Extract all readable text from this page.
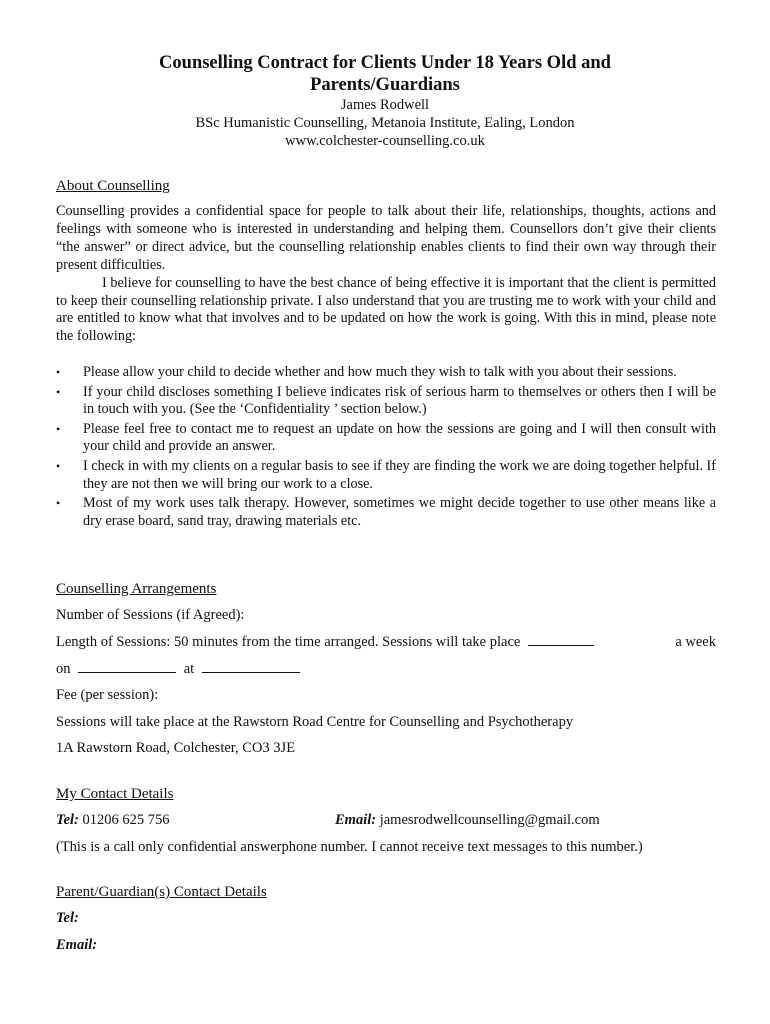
Counselling Contract for Clients Under 18 Years Old and
Parents/Guardians
James Rodwell
BSc Humanistic Counselling, Metanoia Institute, Ealing, London
www.colchester-counselling.co.uk
About Counselling

Counselling provides a confidential space for people to talk about their life, relationships, thoughts, actions and feelings with someone who is interested in understanding and helping them. Counsellors don’t give their clients “the answer” or direct advice, but the counselling relationship enables clients to find their own way through their present difficulties.

I believe for counselling to have the best chance of being effective it is important that the client is permitted to keep their counselling relationship private. I also understand that you are trusting me to work with your child and are entitled to know what that involves and to be updated on how the work is going. With this in mind, please note the following:

• Please allow your child to decide whether and how much they wish to talk with you about their sessions.
• If your child discloses something I believe indicates risk of serious harm to themselves or others then I will be in touch with you. (See the ‘Confidentiality ’ section below.)
• Please feel free to contact me to request an update on how the sessions are going and I will then consult with your child and provide an answer.
• I check in with my clients on a regular basis to see if they are finding the work we are doing together helpful. If they are not then we will bring our work to a close.
• Most of my work uses talk therapy. However, sometimes we might decide together to use other means like a dry erase board, sand tray, drawing materials etc.
Counselling Arrangements
Number of Sessions (if Agreed):
Length of Sessions: 50 minutes from the time arranged. Sessions will take place	a week
on	at
Fee (per session):
Sessions will take place at the Rawstorn Road Centre for Counselling and Psychotherapy
1A Rawstorn Road, Colchester, CO3 3JE
My Contact Details
Tel: 01206 625 756	Email: jamesrodwellcounselling@gmail.com
(This is a call only confidential answerphone number. I cannot receive text messages to this number.)
Parent/Guardian(s) Contact Details
Tel:
Email:
